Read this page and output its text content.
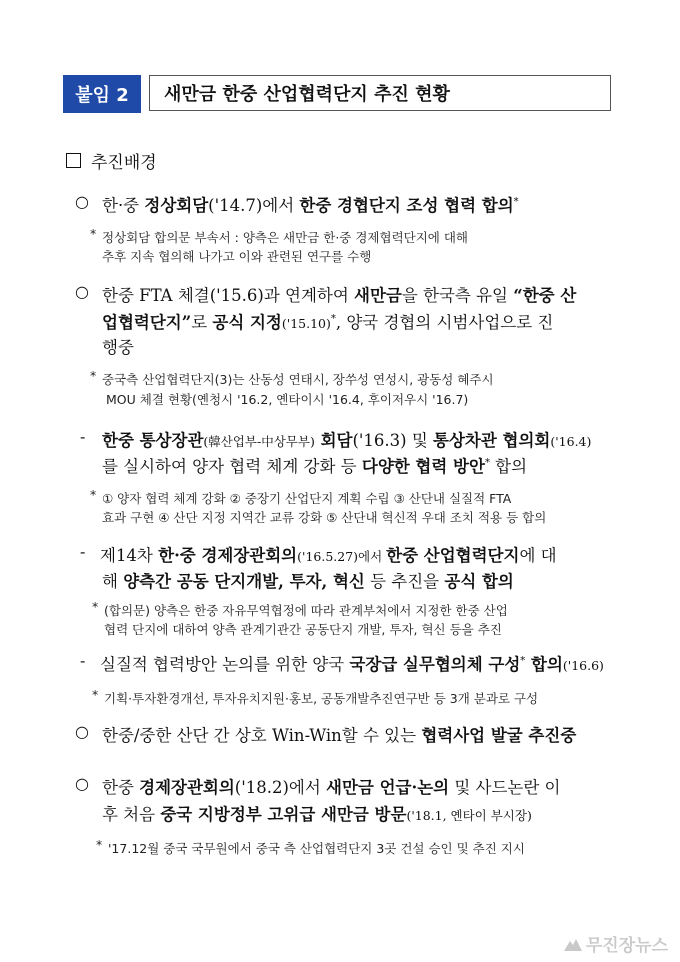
붙임 2	새만금 한중 산업협력단지 추진 현황
추진배경
○ 한·중 정상회담('14.7)에서 한중 경협단지 조성 협력 합의*
* 정상회담 합의문 부속서 : 양측은 새만금 한·중 경제협력단지에 대해
추후 지속 협의해 나가고 이와 관련된 연구를 수행
○ 한중 FTA 체결('15.6)과 연계하여 새만금을 한국측 유일 “한중 산
업협력단지”로 공식 지정('15.10)*, 양국 경협의 시범사업으로 진
행중
* 중국측 산업협력단지(3)는 산동성 연태시, 장쑤성 연성시, 광동성 혜주시
MOU 체결 현황(옌청시 '16.2, 옌타이시 '16.4, 후이저우시 '16.7)
- 한중 통상장관(韓산업부-中상무부) 회담('16.3) 및 통상차관 협의회('16.4)
를 실시하여 양자 협력 체계 강화 등 다양한 협력 방안* 합의
* ① 양자 협력 체계 강화 ② 중장기 산업단지 계획 수립 ③ 산단내 실질적 FTA
효과 구현 ④ 산단 지정 지역간 교류 강화 ⑤ 산단내 혁신적 우대 조치 적용 등 합의
- 제14차 한·중 경제장관회의('16.5.27)에서 한중 산업협력단지에 대
해 양측간 공동 단지개발, 투자, 혁신 등 추진을 공식 합의
* (합의문) 양측은 한중 자유무역협정에 따라 관계부처에서 지정한 한중 산업
협력 단지에 대하여 양측 관계기관간 공동단지 개발, 투자, 혁신 등을 추진
- 실질적 협력방안 논의를 위한 양국 국장급 실무협의체 구성* 합의('16.6)
* 기획·투자환경개선, 투자유치지원·홍보, 공동개발추진연구반 등 3개 분과로 구성
○ 한중/중한 산단 간 상호 Win-Win할 수 있는 협력사업 발굴 추진중
○ 한중 경제장관회의('18.2)에서 새만금 언급·논의 및 사드논란 이
후 처음 중국 지방정부 고위급 새만금 방문('18.1, 옌타이 부시장)
* '17.12월 중국 국무원에서 중국 측 산업협력단지 3곳 건설 승인 및 추진 지시
무진장뉴스
